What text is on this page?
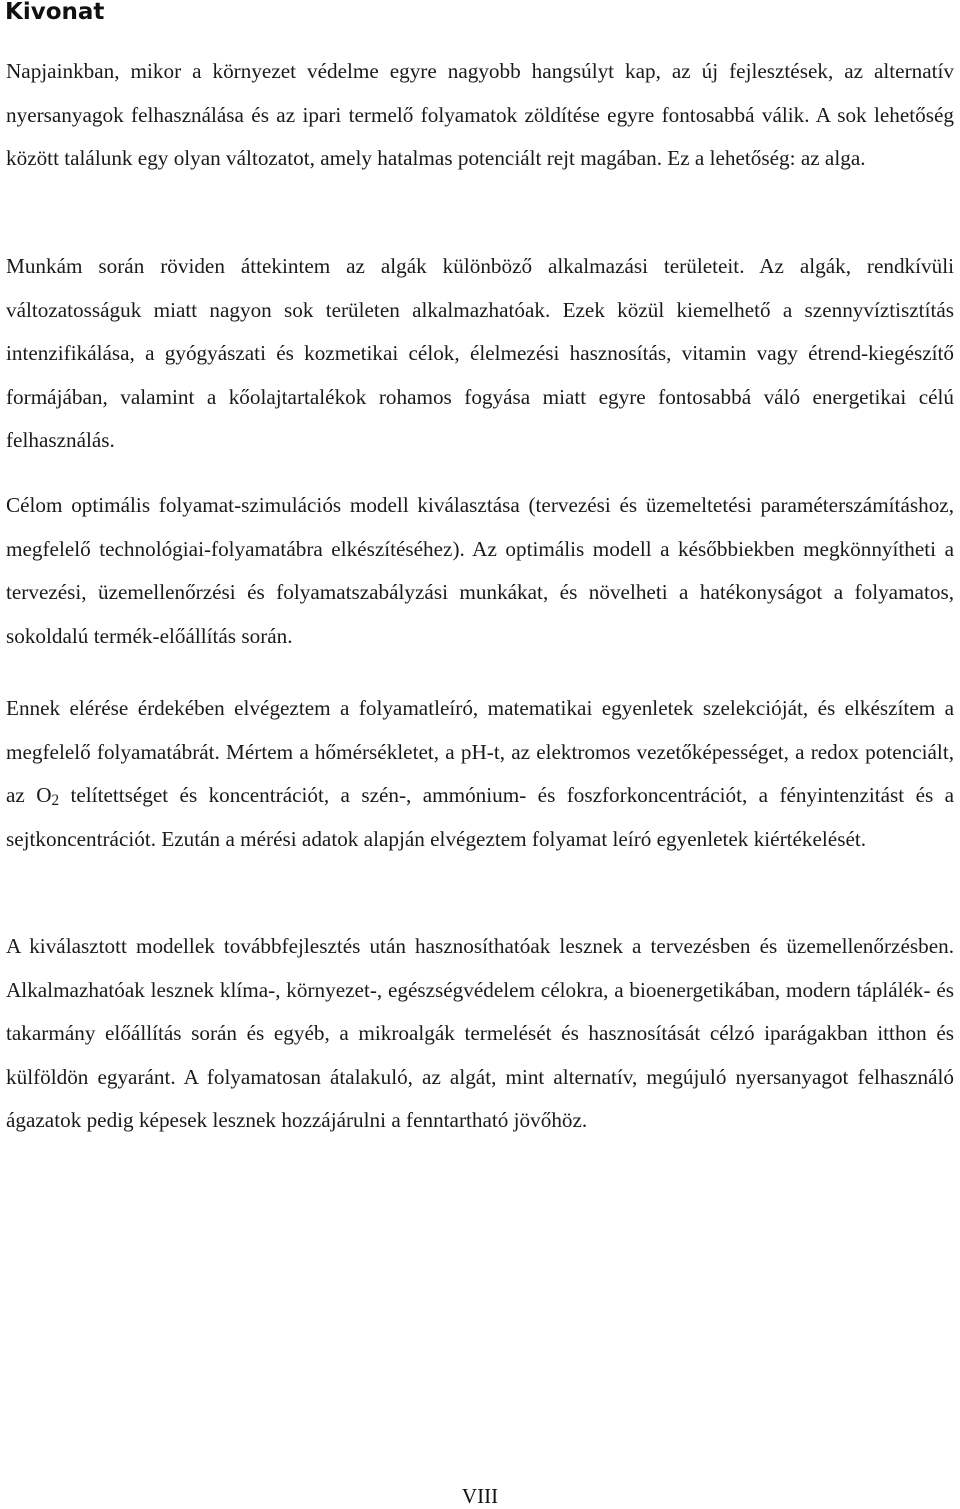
Kivonat

Napjainkban, mikor a környezet védelme egyre nagyobb hangsúlyt kap, az új fejlesztések, az alternatív nyersanyagok felhasználása és az ipari termelő folyamatok zöldítése egyre fontosabbá válik. A sok lehetőség között találunk egy olyan változatot, amely hatalmas potenciált rejt magában. Ez a lehetőség: az alga.

Munkám során röviden áttekintem az algák különböző alkalmazási területeit. Az algák, rendkívüli változatosságuk miatt nagyon sok területen alkalmazhatóak. Ezek közül kiemelhető a szennyvíztisztítás intenzifikálása, a gyógyászati és kozmetikai célok, élelmezési hasznosítás, vitamin vagy étrend-kiegészítő formájában, valamint a kőolajtartalékok rohamos fogyása miatt egyre fontosabbá váló energetikai célú felhasználás.

Célom optimális folyamat-szimulációs modell kiválasztása (tervezési és üzemeltetési paraméterszámításhoz, megfelelő technológiai-folyamatábra elkészítéséhez). Az optimális modell a későbbiekben megkönnyítheti a tervezési, üzemellenőrzési és folyamatszabályzási munkákat, és növelheti a hatékonyságot a folyamatos, sokoldalú termék-előállítás során.

Ennek elérése érdekében elvégeztem a folyamatleíró, matematikai egyenletek szelekcióját, és elkészítem a megfelelő folyamatábrát. Mértem a hőmérsékletet, a pH-t, az elektromos vezetőképességet, a redox potenciált, az $O_2$ telítettséget és koncentrációt, a szén-, ammónium- és foszforkoncentrációt, a fényintenzitást és a sejtkoncentrációt. Ezután a mérési adatok alapján elvégeztem folyamat leíró egyenletek kiértékelését.

A kiválasztott modellek továbbfejlesztés után hasznosíthatóak lesznek a tervezésben és üzemellenőrzésben. Alkalmazhatóak lesznek klíma-, környezet-, egészségvédelem célokra, a bioenergetikában, modern táplálék- és takarmány előállítás során és egyéb, a mikroalgák termelését és hasznosítását célzó iparágakban itthon és külföldön egyaránt. A folyamatosan átalakuló, az algát, mint alternatív, megújuló nyersanyagot felhasználó ágazatok pedig képesek lesznek hozzájárulni a fenntartható jövőhöz.

VIII
